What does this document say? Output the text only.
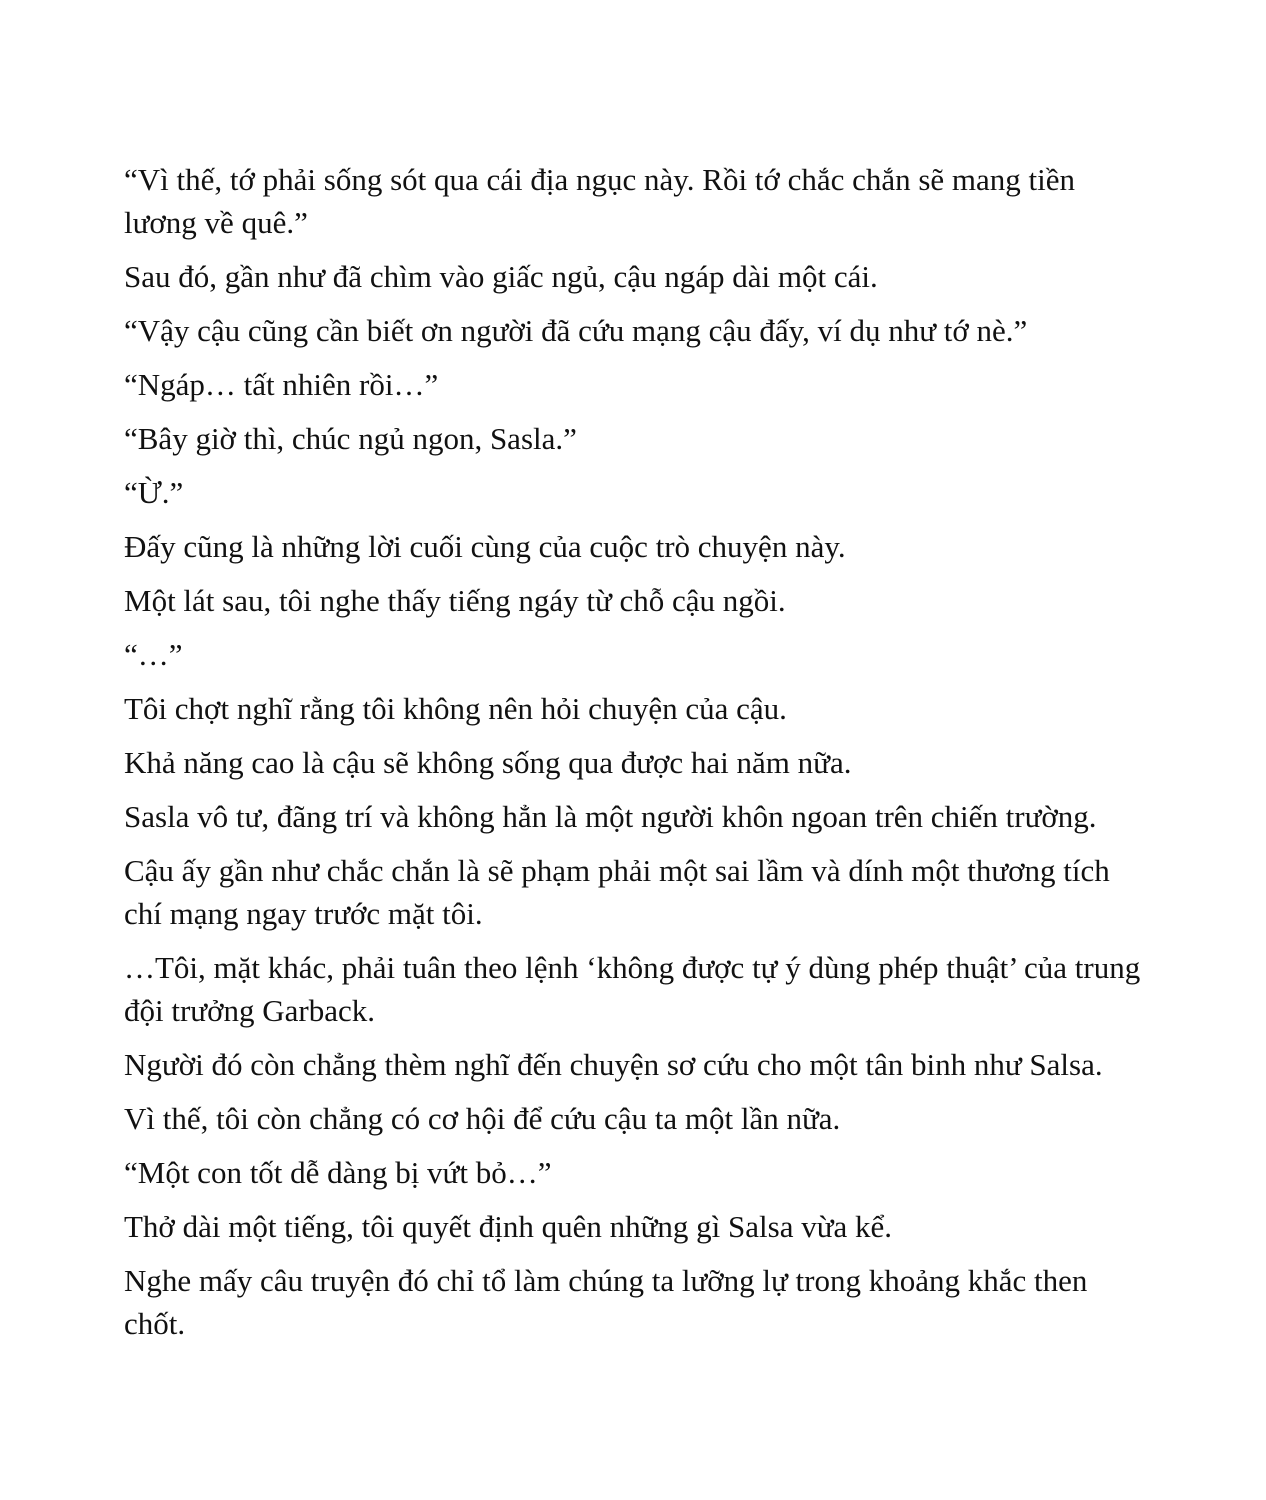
“Vì thế, tớ phải sống sót qua cái địa ngục này. Rồi tớ chắc chắn sẽ mang tiền lương về quê.”

Sau đó, gần như đã chìm vào giấc ngủ, cậu ngáp dài một cái.

“Vậy cậu cũng cần biết ơn người đã cứu mạng cậu đấy, ví dụ như tớ nè.”

“Ngáp… tất nhiên rồi…”

“Bây giờ thì, chúc ngủ ngon, Sasla.”

“Ừ.”

Đấy cũng là những lời cuối cùng của cuộc trò chuyện này.

Một lát sau, tôi nghe thấy tiếng ngáy từ chỗ cậu ngồi.

“…”

Tôi chợt nghĩ rằng tôi không nên hỏi chuyện của cậu.

Khả năng cao là cậu sẽ không sống qua được hai năm nữa.

Sasla vô tư, đãng trí và không hẳn là một người khôn ngoan trên chiến trường.

Cậu ấy gần như chắc chắn là sẽ phạm phải một sai lầm và dính một thương tích chí mạng ngay trước mặt tôi.

…Tôi, mặt khác, phải tuân theo lệnh ‘không được tự ý dùng phép thuật’ của trung đội trưởng Garback.

Người đó còn chẳng thèm nghĩ đến chuyện sơ cứu cho một tân binh như Salsa.

Vì thế, tôi còn chẳng có cơ hội để cứu cậu ta một lần nữa.

“Một con tốt dễ dàng bị vứt bỏ…”

Thở dài một tiếng, tôi quyết định quên những gì Salsa vừa kể.

Nghe mấy câu truyện đó chỉ tổ làm chúng ta lưỡng lự trong khoảng khắc then chốt.
